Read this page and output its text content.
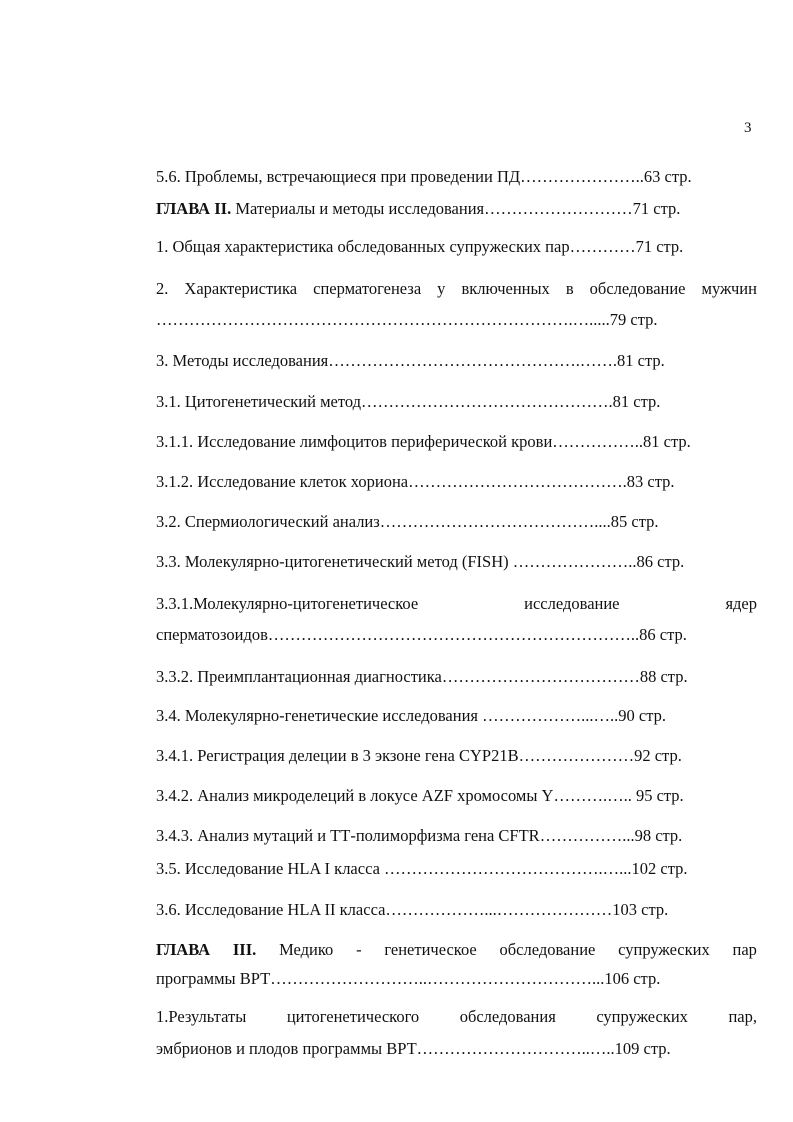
3
5.6. Проблемы, встречающиеся при проведении ПД…………………..63 стр.
ГЛАВА II. Материалы и методы исследования………………………71 стр.
1. Общая характеристика обследованных супружеских пар…………71 стр.
2. Характеристика сперматогенеза у включенных в обследование мужчин
………………………………………………………………….….....79 стр.
3. Методы исследования……………………………………….…….81 стр.
3.1. Цитогенетический метод……………………………………….81 стр.
3.1.1. Исследование лимфоцитов периферической крови……………..81 стр.
3.1.2. Исследование клеток хориона………………………………….83 стр.
3.2. Спермиологический анализ…………………………………....85 стр.
3.3. Молекулярно-цитогенетический метод (FISH) …………………..86 стр.
3.3.1.Молекулярно-цитогенетическое	исследование	ядер
сперматозоидов…………………………………………………………..86 стр.
3.3.2. Преимплантационная диагностика………………………………88 стр.
3.4. Молекулярно-генетические исследования ………………...…..90 стр.
3.4.1. Регистрация делеции в 3 экзоне гена CYP21B…………………92 стр.
3.4.2. Анализ микроделеций в локусе AZF хромосомы Y……….….. 95 стр.
3.4.3. Анализ мутаций и ТТ-полиморфизма гена CFTR……………...98 стр.
3.5. Исследование HLA I класса ………………………………….…...102 стр.
3.6. Исследование HLA II класса………………...…………………103 стр.
ГЛАВА III. Медико - генетическое обследование супружеских пар
программы ВРТ………………………..…………………………...106 стр.
1.Результаты цитогенетического обследования супружеских пар,
эмбрионов и плодов программы ВРТ…………………………..…..109 стр.
